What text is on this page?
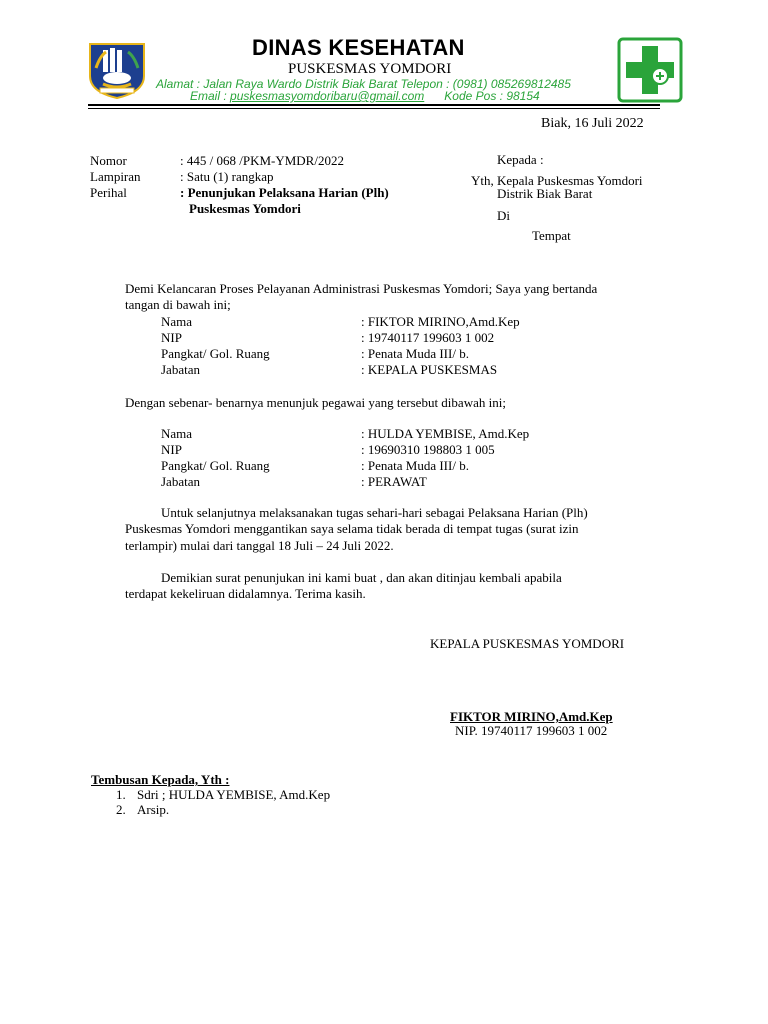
DINAS KESEHATAN
PUSKESMAS YOMDORI
Alamat : Jalan Raya Wardo Distrik Biak Barat Telepon : (0981) 085269812485
Email : puskesmasyomdoribaru@gmail.com Kode Pos : 98154
Biak, 16 Juli 2022
Nomor	: 445 / 068 /PKM-YMDR/2022
Lampiran	: Satu (1) rangkap
Perihal	: Penunjukan Pelaksana Harian (Plh)
Puskesmas Yomdori
Kepada :
Yth, Kepala Puskesmas Yomdori
Distrik Biak Barat
Di
Tempat
Demi Kelancaran Proses Pelayanan Administrasi Puskesmas Yomdori; Saya yang bertanda
tangan di bawah ini;
Nama	: FIKTOR MIRINO,Amd.Kep
NIP	: 19740117 199603 1 002
Pangkat/ Gol. Ruang	: Penata Muda III/ b.
Jabatan	: KEPALA PUSKESMAS
Dengan sebenar- benarnya menunjuk pegawai yang tersebut dibawah ini;
Nama	: HULDA YEMBISE, Amd.Kep
NIP	: 19690310 198803 1 005
Pangkat/ Gol. Ruang	: Penata Muda III/ b.
Jabatan	: PERAWAT
Untuk selanjutnya melaksanakan tugas sehari-hari sebagai Pelaksana Harian (Plh)
Puskesmas Yomdori menggantikan saya selama tidak berada di tempat tugas (surat izin
terlampir) mulai dari tanggal 18 Juli – 24 Juli 2022.
Demikian surat penunjukan ini kami buat , dan akan ditinjau kembali apabila
terdapat kekeliruan didalamnya. Terima kasih.
KEPALA PUSKESMAS YOMDORI
FIKTOR MIRINO,Amd.Kep
NIP. 19740117 199603 1 002
Tembusan Kepada, Yth :
1. Sdri ; HULDA YEMBISE, Amd.Kep
2. Arsip.
